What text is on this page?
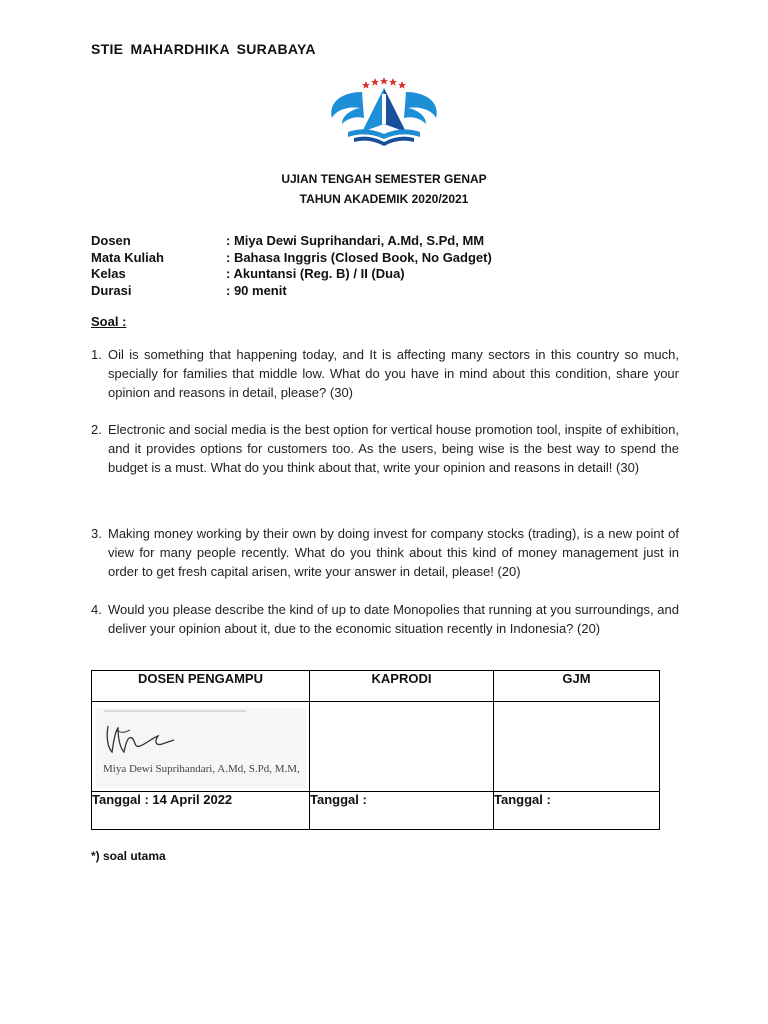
STIE MAHARDHIKA SURABAYA
UJIAN TENGAH SEMESTER GENAP
TAHUN AKADEMIK 2020/2021
Dosen	: Miya Dewi Suprihandari, A.Md, S.Pd, MM
Mata Kuliah	: Bahasa Inggris (Closed Book, No Gadget)
Kelas	: Akuntansi (Reg. B) / II (Dua)
Durasi	: 90 menit
Soal :
1. Oil is something that happening today, and It is affecting many sectors in this country so much, specially for families that middle low. What do you have in mind about this condition, share your opinion and reasons in detail, please? (30)
2. Electronic and social media is the best option for vertical house promotion tool, inspite of exhibition, and it provides options for customers too. As the users, being wise is the best way to spend the budget is a must. What do you think about that, write your opinion and reasons in detail! (30)
3. Making money working by their own by doing invest for company stocks (trading), is a new point of view for many people recently. What do you think about this kind of money management just in order to get fresh capital arisen, write your answer in detail, please! (20)
4. Would you please describe the kind of up to date Monopolies that running at you surroundings, and deliver your opinion about it, due to the economic situation recently in Indonesia? (20)
DOSEN PENGAMPU	KAPRODI	GJM

Miya Dewi Suprihandari, A.Md, S.Pd, M.M,		

Tanggal : 14 April 2022	Tanggal :	Tanggal :
*) soal utama
